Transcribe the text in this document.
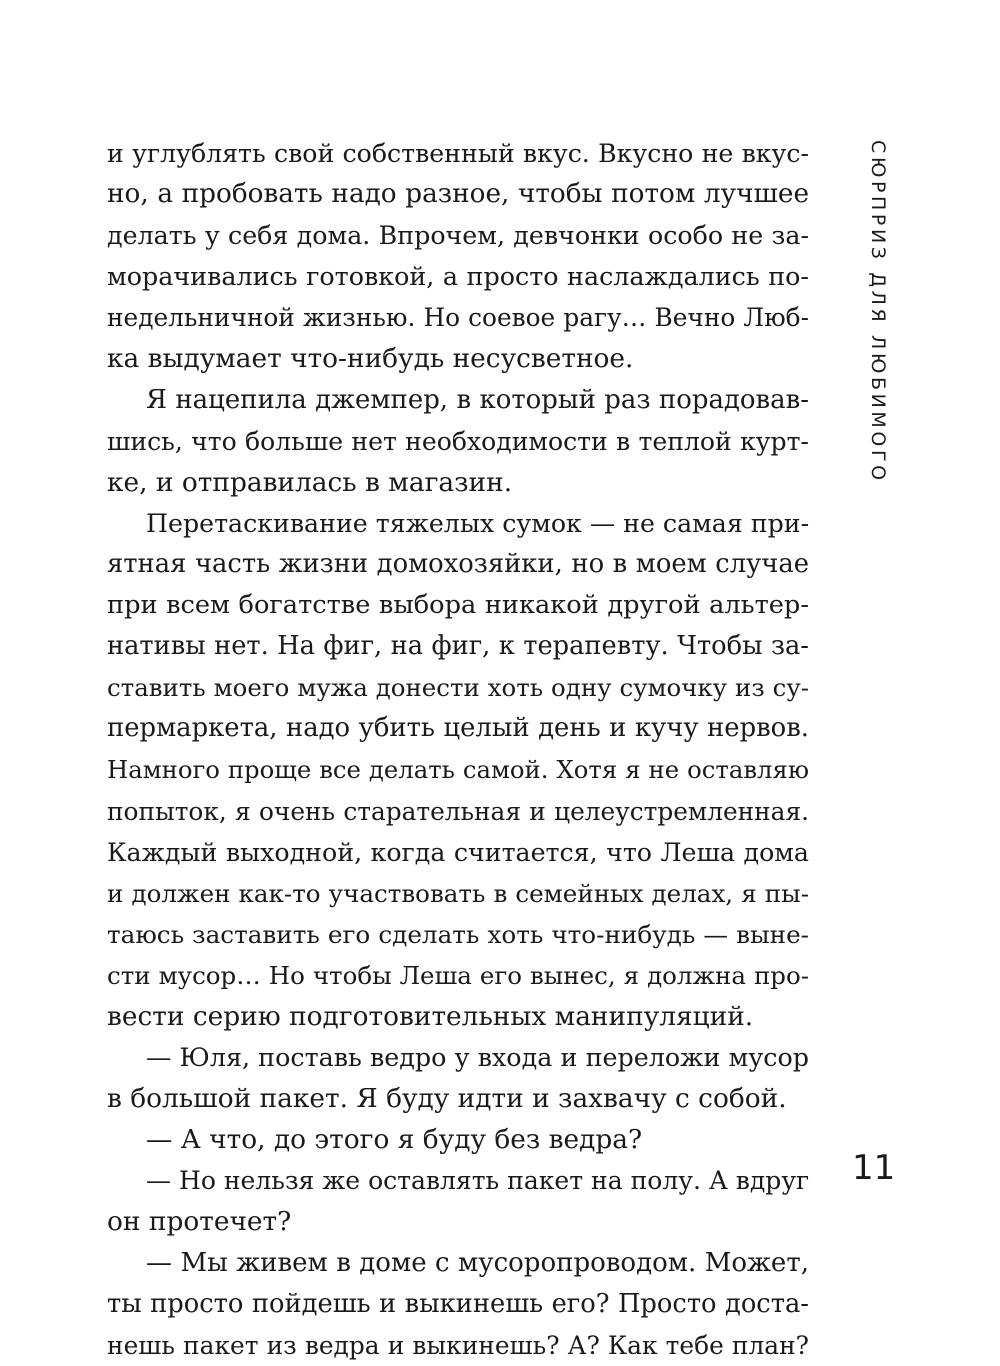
СЮРПРИЗ ДЛЯ ЛЮБИМОГО
и углублять свой собственный вкус. Вкусно не вкус-
но, а пробовать надо разное, чтобы потом лучшее
делать у себя дома. Впрочем, девчонки особо не за-
морачивались готовкой, а просто наслаждались по-
недельничной жизнью. Но соевое рагу… Вечно Люб-
ка выдумает что-нибудь несусветное.
Я нацепила джемпер, в который раз порадовав-
шись, что больше нет необходимости в теплой курт-
ке, и отправилась в магазин.
Перетаскивание тяжелых сумок — не самая при-
ятная часть жизни домохозяйки, но в моем случае
при всем богатстве выбора никакой другой альтер-
нативы нет. На фиг, на фиг, к терапевту. Чтобы за-
ставить моего мужа донести хоть одну сумочку из су-
пермаркета, надо убить целый день и кучу нервов.
Намного проще все делать самой. Хотя я не оставляю
попыток, я очень старательная и целеустремленная.
Каждый выходной, когда считается, что Леша дома
и должен как-то участвовать в семейных делах, я пы-
таюсь заставить его сделать хоть что-нибудь — выне-
сти мусор… Но чтобы Леша его вынес, я должна про-
вести серию подготовительных манипуляций.
— Юля, поставь ведро у входа и переложи мусор
в большой пакет. Я буду идти и захвачу с собой.
— А что, до этого я буду без ведра?
— Но нельзя же оставлять пакет на полу. А вдруг
он протечет?
— Мы живем в доме с мусоропроводом. Может,
ты просто пойдешь и выкинешь его? Просто доста-
нешь пакет из ведра и выкинешь? А? Как тебе план?
11
